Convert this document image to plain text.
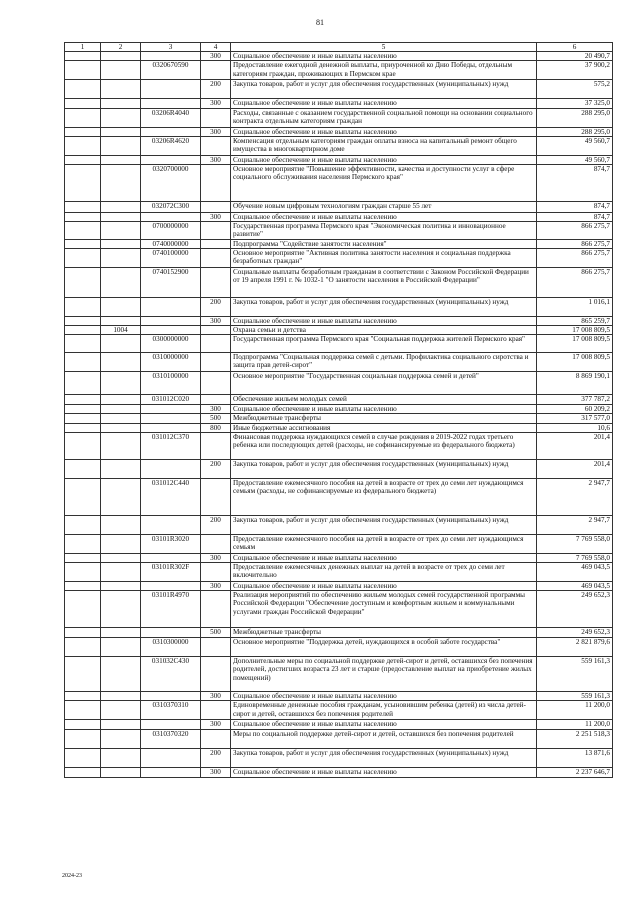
81
1	2	3	4	5	6
			300	Социальное обеспечение и иные выплаты населению	20 490,7
		0320670590		Предоставление ежегодной денежной выплаты, приуроченной ко Дню Победы, отдельным категориям граждан, проживающих в Пермском крае	37 900,2
			200	Закупка товаров, работ и услуг для обеспечения государственных (муниципальных) нужд	575,2
			300	Социальное обеспечение и иные выплаты населению	37 325,0
		03206R4040		Расходы, связанные с оказанием государственной социальной помощи на основании социального контракта отдельным категориям граждан	288 295,0
			300	Социальное обеспечение и иные выплаты населению	288 295,0
		03206R4620		Компенсация отдельным категориям граждан оплаты взноса на капитальный ремонт общего имущества в многоквартирном доме	49 560,7
			300	Социальное обеспечение и иные выплаты населению	49 560,7
		0320700000		Основное мероприятие "Повышение эффективности, качества и доступности услуг в сфере социального обслуживания населения Пермского края"	874,7
		032072С300		Обучение новым цифровым технологиям граждан старше 55 лет	874,7
			300	Социальное обеспечение и иные выплаты населению	874,7
		0700000000		Государственная программа Пермского края "Экономическая политика и инновационное развитие"	866 275,7
		0740000000		Подпрограмма "Содействие занятости населения"	866 275,7
		0740100000		Основное мероприятие "Активная политика занятости населения и социальная поддержка безработных граждан"	866 275,7
		0740152900		Социальные выплаты безработным гражданам в соответствии с Законом Российской Федерации от 19 апреля 1991 г. № 1032-1 "О занятости населения в Российской Федерации"	866 275,7
			200	Закупка товаров, работ и услуг для обеспечения государственных (муниципальных) нужд	1 016,1
			300	Социальное обеспечение и иные выплаты населению	865 259,7
	1004			Охрана семьи и детства	17 008 809,5
		0300000000		Государственная программа Пермского края "Социальная поддержка жителей Пермского края"	17 008 809,5
		0310000000		Подпрограмма "Социальная поддержка семей с детьми. Профилактика социального сиротства и защита прав детей-сирот"	17 008 809,5
		0310100000		Основное мероприятие "Государственная социальная поддержка семей и детей"	8 869 190,1
		031012С020		Обеспечение жильем молодых семей	377 787,2
			300	Социальное обеспечение и иные выплаты населению	60 209,2
			500	Межбюджетные трансферты	317 577,0
			800	Иные бюджетные ассигнования	10,6
		031012С370		Финансовая поддержка нуждающихся семей в случае рождения в 2019-2022 годах третьего ребенка или последующих детей (расходы, не софинансируемые из федерального бюджета)	201,4
			200	Закупка товаров, работ и услуг для обеспечения государственных (муниципальных) нужд	201,4
		031012С440		Предоставление ежемесячного пособия на детей в возрасте от трех до семи лет нуждающимся семьям (расходы, не софинансируемые из федерального бюджета)	2 947,7
			200	Закупка товаров, работ и услуг для обеспечения государственных (муниципальных) нужд	2 947,7
		03101R3020		Предоставление ежемесячного пособия на детей в возрасте от трех до семи лет нуждающимся семьям	7 769 558,0
			300	Социальное обеспечение и иные выплаты населению	7 769 558,0
		03101R302F		Предоставление ежемесячных денежных выплат на детей в возрасте от трех до семи лет включительно	469 043,5
			300	Социальное обеспечение и иные выплаты населению	469 043,5
		03101R4970		Реализация мероприятий по обеспечению жильем молодых семей государственной программы Российской Федерации "Обеспечение доступным и комфортным жильем и коммунальными услугами граждан Российской Федерации"	249 652,3
			500	Межбюджетные трансферты	249 652,3
		0310300000		Основное мероприятие "Поддержка детей, нуждающихся в особой заботе государства"	2 821 879,6
		031032С430		Дополнительные меры по социальной поддержке детей-сирот и детей, оставшихся без попечения родителей, достигших возраста 23 лет и старше (предоставление выплат на приобретение жилых помещений)	559 161,3
			300	Социальное обеспечение и иные выплаты населению	559 161,3
		0310370310		Единовременные денежные пособия гражданам, усыновившим ребенка (детей) из числа детей-сирот и детей, оставшихся без попечения родителей	11 200,0
			300	Социальное обеспечение и иные выплаты населению	11 200,0
		0310370320		Меры по социальной поддержке детей-сирот и детей, оставшихся без попечения родителей	2 251 518,3
			200	Закупка товаров, работ и услуг для обеспечения государственных (муниципальных) нужд	13 871,6
			300	Социальное обеспечение и иные выплаты населению	2 237 646,7
2024-23
